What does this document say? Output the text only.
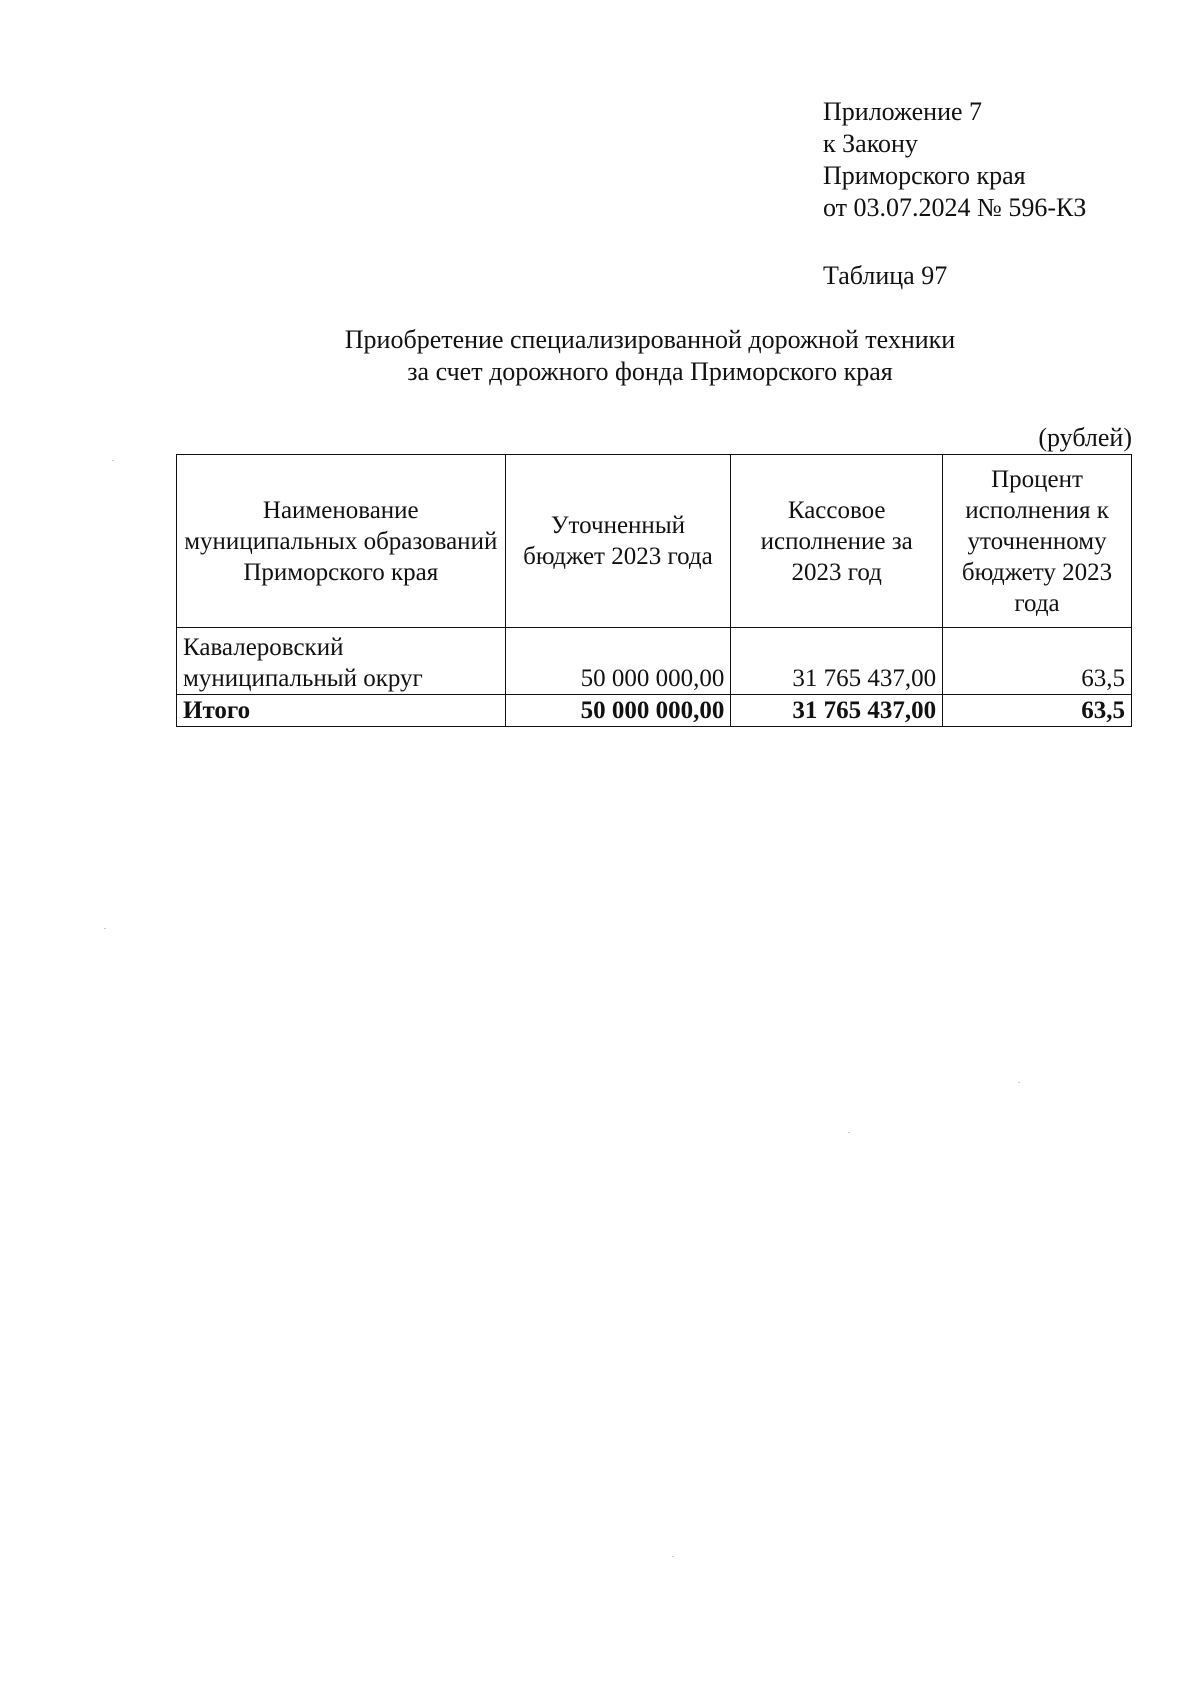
Приложение 7
к Закону
Приморского края
от 03.07.2024 № 596-КЗ
Таблица 97
Приобретение специализированной дорожной техники
за счет дорожного фонда Приморского края
(рублей)
Наименование муниципальных образований Приморского края	Уточненный бюджет 2023 года	Кассовое исполнение за 2023 год	Процент исполнения к уточненному бюджету 2023 года
Кавалеровский муниципальный округ	50 000 000,00	31 765 437,00	63,5
Итого	50 000 000,00	31 765 437,00	63,5
